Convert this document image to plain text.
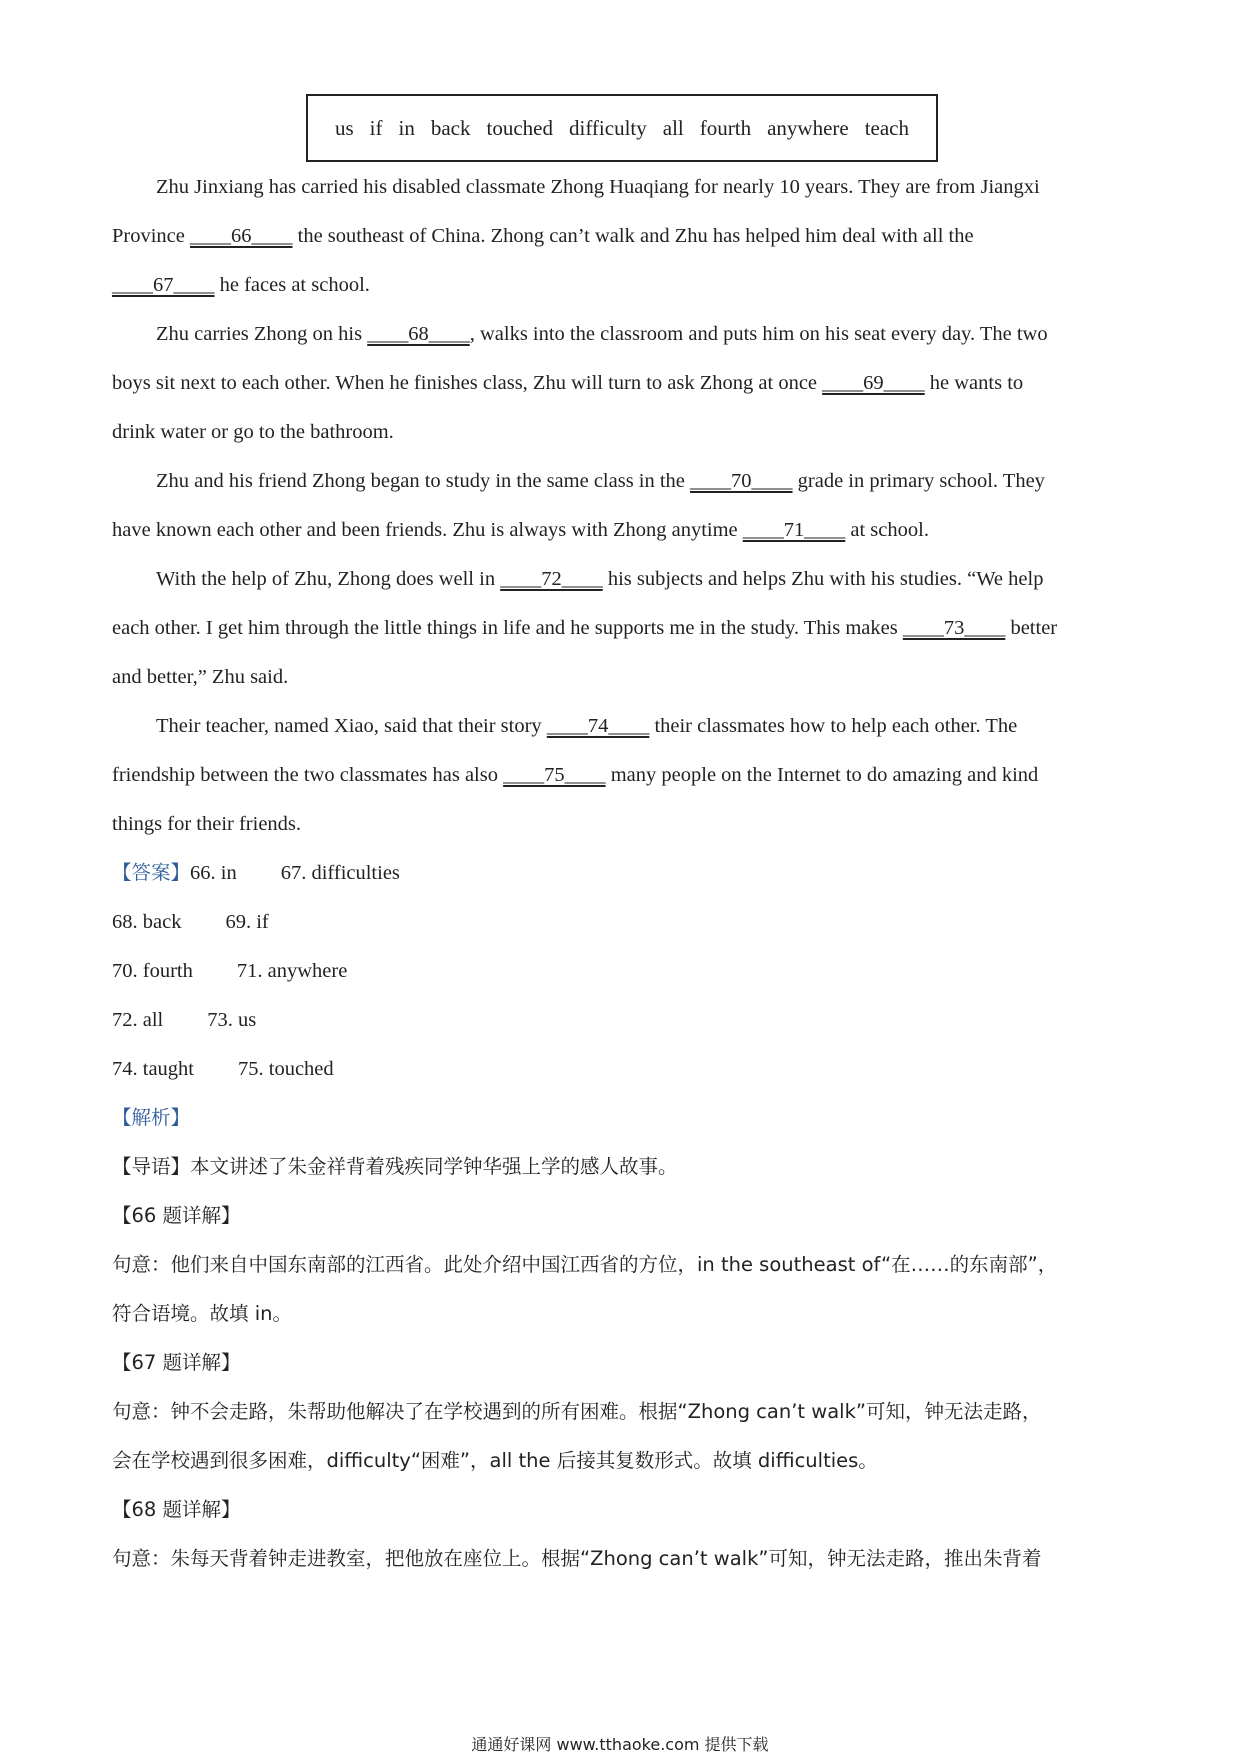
us if in back touched difficulty all fourth anywhere teach
Zhu Jinxiang has carried his disabled classmate Zhong Huaqiang for nearly 10 years. They are from Jiangxi
Province ____66____ the southeast of China. Zhong can’t walk and Zhu has helped him deal with all the
____67____ he faces at school.
Zhu carries Zhong on his ____68____, walks into the classroom and puts him on his seat every day. The two
boys sit next to each other. When he finishes class, Zhu will turn to ask Zhong at once ____69____ he wants to
drink water or go to the bathroom.
Zhu and his friend Zhong began to study in the same class in the ____70____ grade in primary school. They
have known each other and been friends. Zhu is always with Zhong anytime ____71____ at school.
With the help of Zhu, Zhong does well in ____72____ his subjects and helps Zhu with his studies. “We help
each other. I get him through the little things in life and he supports me in the study. This makes ____73____ better
and better,” Zhu said.
Their teacher, named Xiao, said that their story ____74____ their classmates how to help each other. The
friendship between the two classmates has also ____75____ many people on the Internet to do amazing and kind
things for their friends.
【答案】66. in 67. difficulties
68. back 69. if
70. fourth 71. anywhere
72. all 73. us
74. taught 75. touched
【解析】
【导语】本文讲述了朱金祥背着残疾同学钟华强上学的感人故事。
【66 题详解】
句意：他们来自中国东南部的江西省。此处介绍中国江西省的方位，in the southeast of“在……的东南部”，
符合语境。故填 in。
【67 题详解】
句意：钟不会走路，朱帮助他解决了在学校遇到的所有困难。根据“Zhong can’t walk”可知，钟无法走路，
会在学校遇到很多困难，difficulty“困难”，all the 后接其复数形式。故填 difficulties。
【68 题详解】
句意：朱每天背着钟走进教室，把他放在座位上。根据“Zhong can’t walk”可知，钟无法走路，推出朱背着
通通好课网 www.tthaoke.com 提供下载
